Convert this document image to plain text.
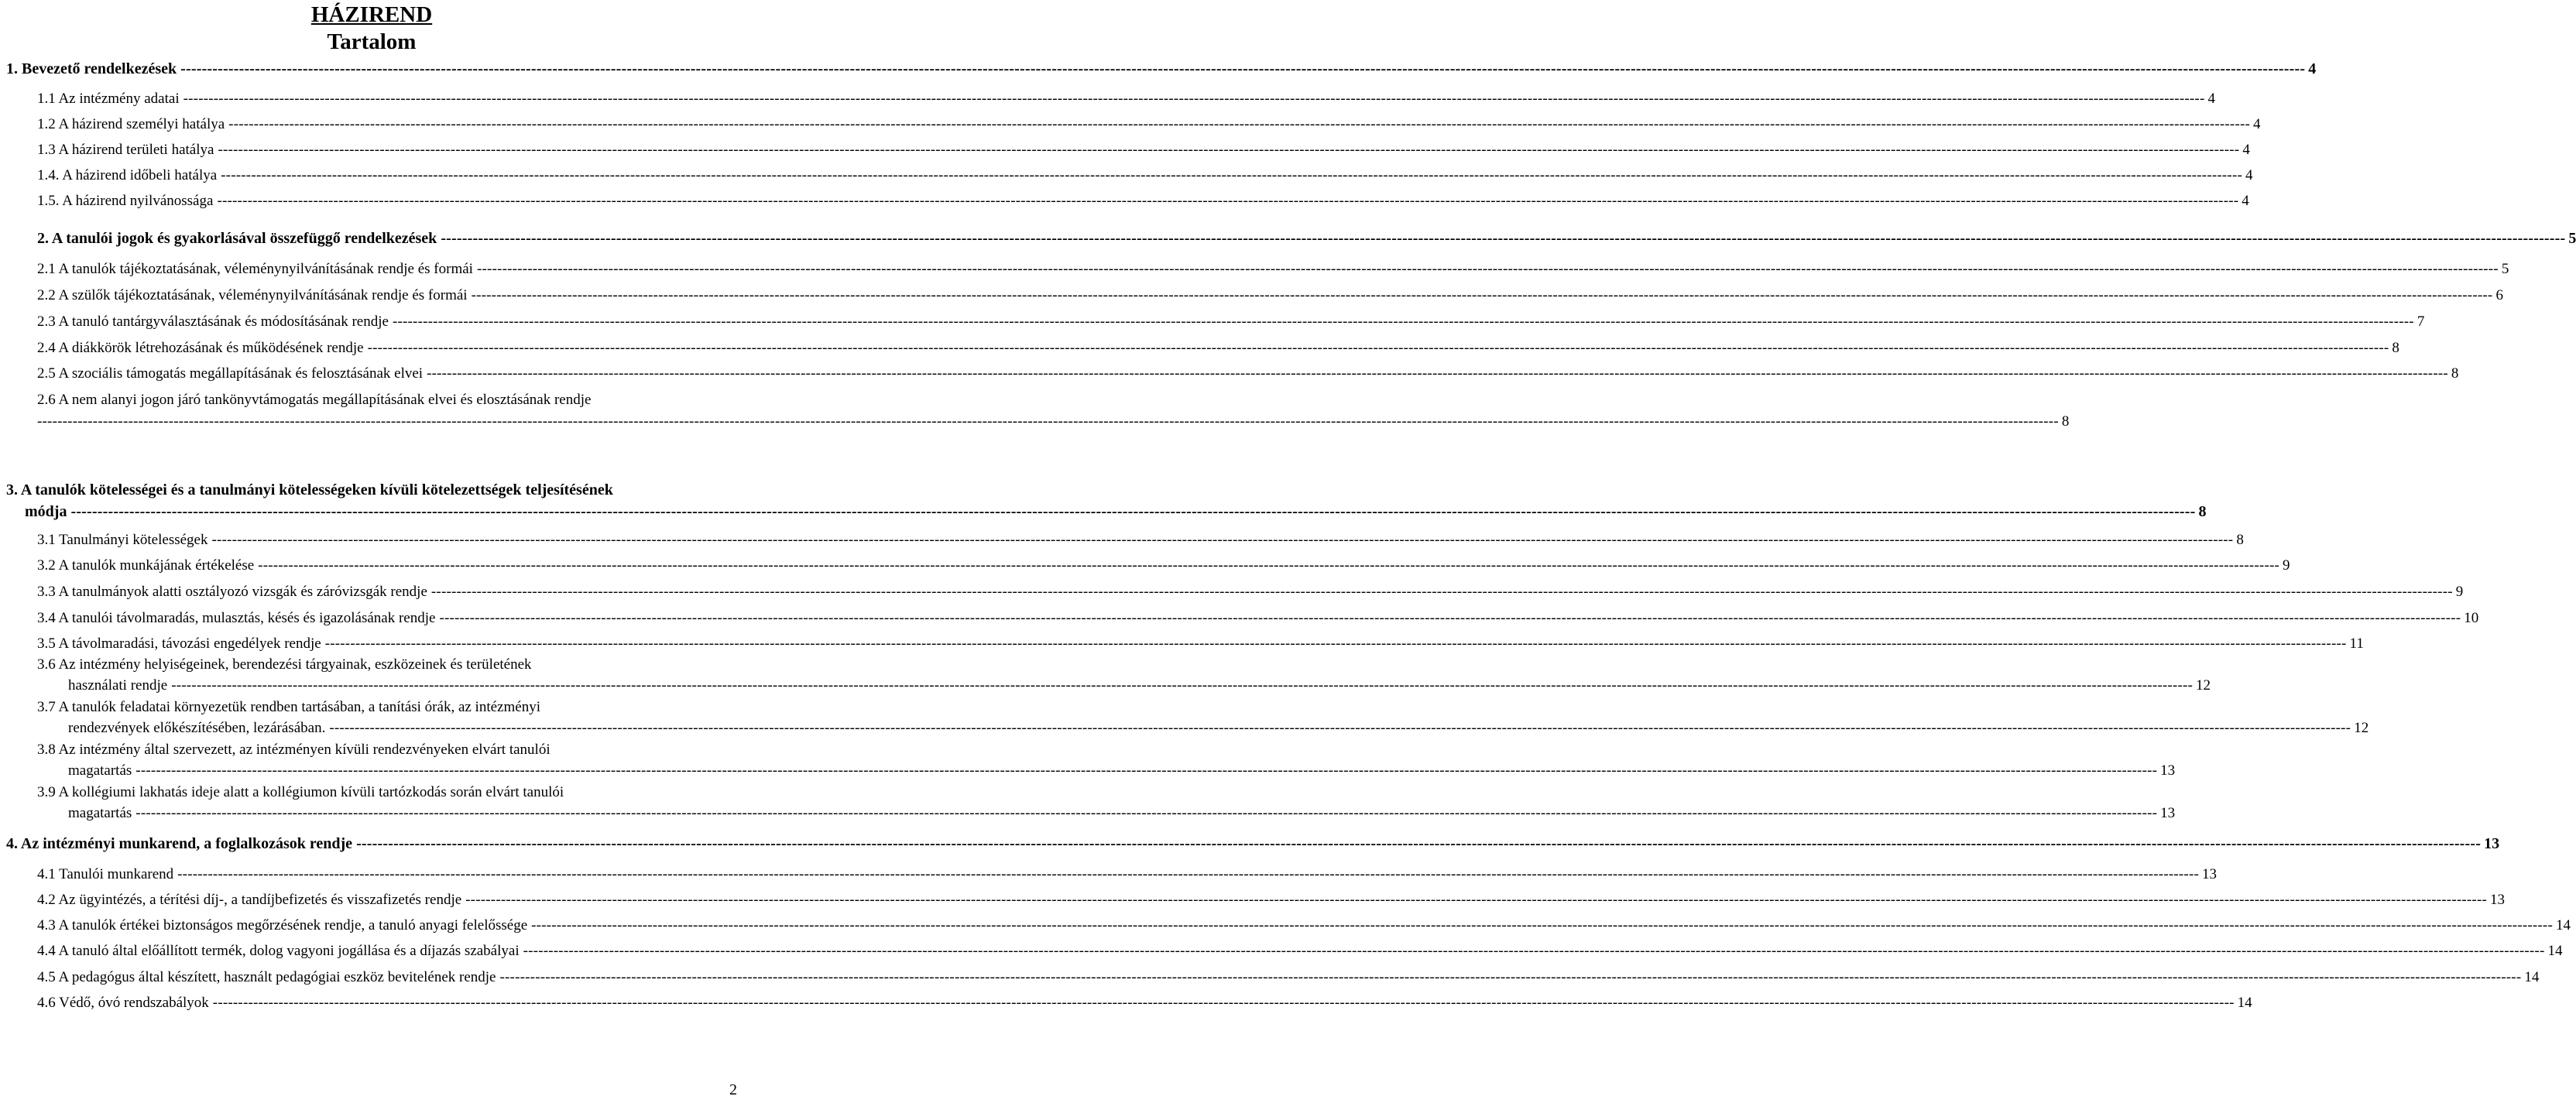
HÁZIREND
Tartalom
1. Bevezető rendelkezések ---------------------------------------------------------------------------------------------------------------------------------------------------------------------------------------------------------------------------------------------------------------------------------------------------------------------------------------------------------------------------------------------------------------- 4
1.1 Az intézmény adatai ---------------------------------------------------------------------------------------------------------------------------------------------------------------------------------------------------------------------------------------------------------------------------------------------------------------------------------------------------------------------------------------------------------------- 4
1.2 A házirend személyi hatálya ---------------------------------------------------------------------------------------------------------------------------------------------------------------------------------------------------------------------------------------------------------------------------------------------------------------------------------------------------------------------------------------------------------------- 4
1.3 A házirend területi hatálya ---------------------------------------------------------------------------------------------------------------------------------------------------------------------------------------------------------------------------------------------------------------------------------------------------------------------------------------------------------------------------------------------------------------- 4
1.4. A házirend időbeli hatálya ---------------------------------------------------------------------------------------------------------------------------------------------------------------------------------------------------------------------------------------------------------------------------------------------------------------------------------------------------------------------------------------------------------------- 4
1.5. A házirend nyilvánossága ---------------------------------------------------------------------------------------------------------------------------------------------------------------------------------------------------------------------------------------------------------------------------------------------------------------------------------------------------------------------------------------------------------------- 4
2. A tanulói jogok és gyakorlásával összefüggő rendelkezések ---------------------------------------------------------------------------------------------------------------------------------------------------------------------------------------------------------------------------------------------------------------------------------------------------------------------------------------------------------------------------------------------------------------- 5
2.1 A tanulók tájékoztatásának, véleménynyilvánításának rendje és formái ---------------------------------------------------------------------------------------------------------------------------------------------------------------------------------------------------------------------------------------------------------------------------------------------------------------------------------------------------------------------------------------------------------------- 5
2.2 A szülők tájékoztatásának, véleménynyilvánításának rendje és formái ---------------------------------------------------------------------------------------------------------------------------------------------------------------------------------------------------------------------------------------------------------------------------------------------------------------------------------------------------------------------------------------------------------------- 6
2.3 A tanuló tantárgyválasztásának és módosításának rendje ---------------------------------------------------------------------------------------------------------------------------------------------------------------------------------------------------------------------------------------------------------------------------------------------------------------------------------------------------------------------------------------------------------------- 7
2.4 A diákkörök létrehozásának és működésének rendje ---------------------------------------------------------------------------------------------------------------------------------------------------------------------------------------------------------------------------------------------------------------------------------------------------------------------------------------------------------------------------------------------------------------- 8
2.5 A szociális támogatás megállapításának és felosztásának elvei ---------------------------------------------------------------------------------------------------------------------------------------------------------------------------------------------------------------------------------------------------------------------------------------------------------------------------------------------------------------------------------------------------------------- 8
2.6 A nem alanyi jogon járó tankönyvtámogatás megállapításának elvei és elosztásának rendje
---------------------------------------------------------------------------------------------------------------------------------------------------------------------------------------------------------------------------------------------------------------------------------------------------------------------------------------------------------------------------------------------------------------- 8
3. A tanulók kötelességei és a tanulmányi kötelességeken kívüli kötelezettségek teljesítésének
módja ---------------------------------------------------------------------------------------------------------------------------------------------------------------------------------------------------------------------------------------------------------------------------------------------------------------------------------------------------------------------------------------------------------------- 8
3.1 Tanulmányi kötelességek ---------------------------------------------------------------------------------------------------------------------------------------------------------------------------------------------------------------------------------------------------------------------------------------------------------------------------------------------------------------------------------------------------------------- 8
3.2 A tanulók munkájának értékelése ---------------------------------------------------------------------------------------------------------------------------------------------------------------------------------------------------------------------------------------------------------------------------------------------------------------------------------------------------------------------------------------------------------------- 9
3.3 A tanulmányok alatti osztályozó vizsgák és záróvizsgák rendje ---------------------------------------------------------------------------------------------------------------------------------------------------------------------------------------------------------------------------------------------------------------------------------------------------------------------------------------------------------------------------------------------------------------- 9
3.4 A tanulói távolmaradás, mulasztás, késés és igazolásának rendje ---------------------------------------------------------------------------------------------------------------------------------------------------------------------------------------------------------------------------------------------------------------------------------------------------------------------------------------------------------------------------------------------------------------- 10
3.5 A távolmaradási, távozási engedélyek rendje ---------------------------------------------------------------------------------------------------------------------------------------------------------------------------------------------------------------------------------------------------------------------------------------------------------------------------------------------------------------------------------------------------------------- 11
3.6 Az intézmény helyiségeinek, berendezési tárgyainak, eszközeinek és területének
használati rendje ---------------------------------------------------------------------------------------------------------------------------------------------------------------------------------------------------------------------------------------------------------------------------------------------------------------------------------------------------------------------------------------------------------------- 12
3.7 A tanulók feladatai környezetük rendben tartásában, a tanítási órák, az intézményi
rendezvények előkészítésében, lezárásában. ---------------------------------------------------------------------------------------------------------------------------------------------------------------------------------------------------------------------------------------------------------------------------------------------------------------------------------------------------------------------------------------------------------------- 12
3.8 Az intézmény által szervezett, az intézményen kívüli rendezvényeken elvárt tanulói
magatartás ---------------------------------------------------------------------------------------------------------------------------------------------------------------------------------------------------------------------------------------------------------------------------------------------------------------------------------------------------------------------------------------------------------------- 13
3.9 A kollégiumi lakhatás ideje alatt a kollégiumon kívüli tartózkodás során elvárt tanulói
magatartás ---------------------------------------------------------------------------------------------------------------------------------------------------------------------------------------------------------------------------------------------------------------------------------------------------------------------------------------------------------------------------------------------------------------- 13
4. Az intézményi munkarend, a foglalkozások rendje ---------------------------------------------------------------------------------------------------------------------------------------------------------------------------------------------------------------------------------------------------------------------------------------------------------------------------------------------------------------------------------------------------------------- 13
4.1 Tanulói munkarend ---------------------------------------------------------------------------------------------------------------------------------------------------------------------------------------------------------------------------------------------------------------------------------------------------------------------------------------------------------------------------------------------------------------- 13
4.2 Az ügyintézés, a térítési díj-, a tandíjbefizetés és visszafizetés rendje ---------------------------------------------------------------------------------------------------------------------------------------------------------------------------------------------------------------------------------------------------------------------------------------------------------------------------------------------------------------------------------------------------------------- 13
4.3 A tanulók értékei biztonságos megőrzésének rendje, a tanuló anyagi felelőssége ---------------------------------------------------------------------------------------------------------------------------------------------------------------------------------------------------------------------------------------------------------------------------------------------------------------------------------------------------------------------------------------------------------------- 14
4.4 A tanuló által előállított termék, dolog vagyoni jogállása és a díjazás szabályai ---------------------------------------------------------------------------------------------------------------------------------------------------------------------------------------------------------------------------------------------------------------------------------------------------------------------------------------------------------------------------------------------------------------- 14
4.5 A pedagógus által készített, használt pedagógiai eszköz bevitelének rendje ---------------------------------------------------------------------------------------------------------------------------------------------------------------------------------------------------------------------------------------------------------------------------------------------------------------------------------------------------------------------------------------------------------------- 14
4.6 Védő, óvó rendszabályok ---------------------------------------------------------------------------------------------------------------------------------------------------------------------------------------------------------------------------------------------------------------------------------------------------------------------------------------------------------------------------------------------------------------- 14
2
